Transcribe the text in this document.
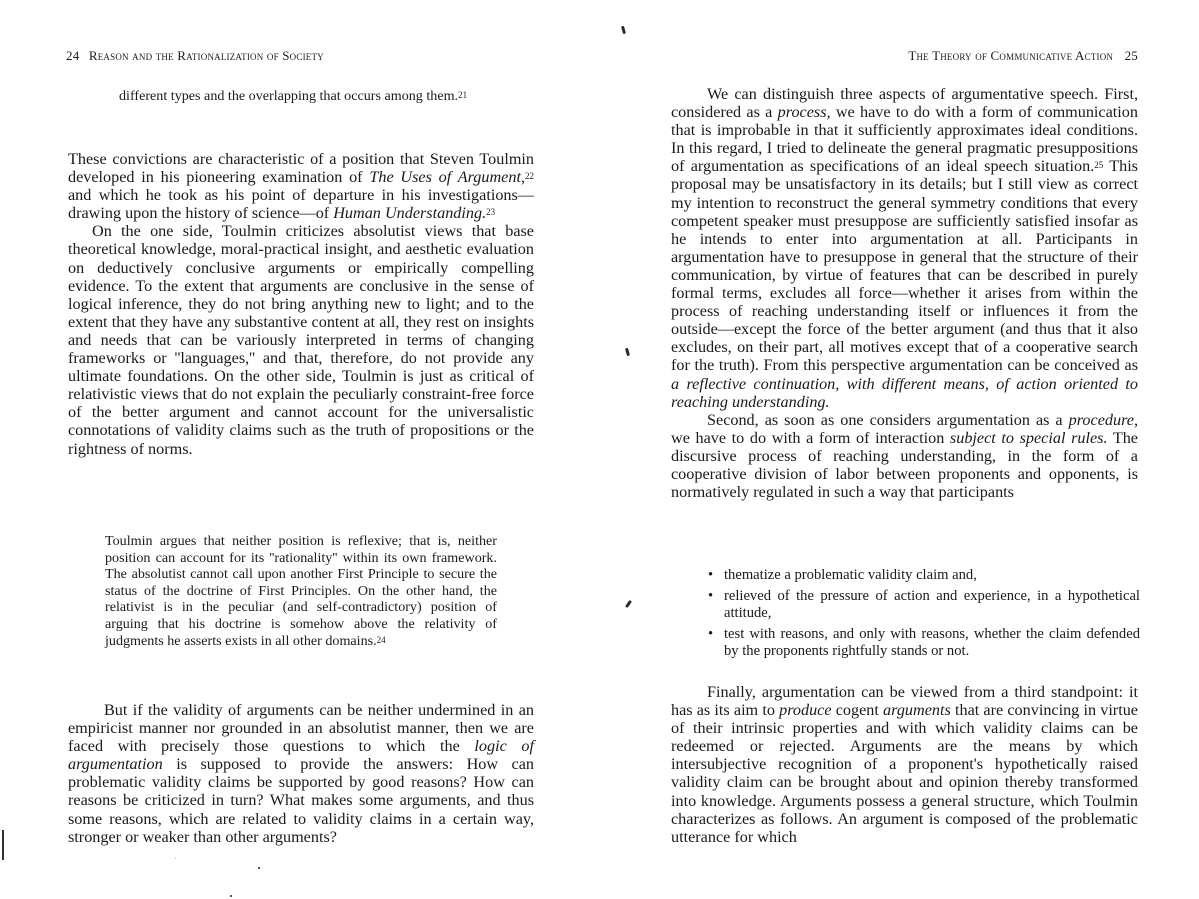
24 Reason and the Rationalization of Society

different types and the overlapping that occurs among them.$^{21}$

These convictions are characteristic of a position that Steven Toulmin developed in his pioneering examination of The Uses of Argument,$^{22}$ and which he took as his point of departure in his investigations—drawing upon the history of science—of Human Understanding.$^{23}$

On the one side, Toulmin criticizes absolutist views that base theoretical knowledge, moral-practical insight, and aesthetic evaluation on deductively conclusive arguments or empirically compelling evidence. To the extent that arguments are conclusive in the sense of logical inference, they do not bring anything new to light; and to the extent that they have any substantive content at all, they rest on insights and needs that can be variously interpreted in terms of changing frameworks or ''languages,'' and that, therefore, do not provide any ultimate foundations. On the other side, Toulmin is just as critical of relativistic views that do not explain the peculiarly constraint-free force of the better argument and cannot account for the universalistic connotations of validity claims such as the truth of propositions or the rightness of norms.

Toulmin argues that neither position is reflexive; that is, neither position can account for its ''rationality'' within its own framework. The absolutist cannot call upon another First Principle to secure the status of the doctrine of First Principles. On the other hand, the relativist is in the peculiar (and self-contradictory) position of arguing that his doctrine is somehow above the relativity of judgments he asserts exists in all other domains.$^{24}$

But if the validity of arguments can be neither undermined in an empiricist manner nor grounded in an absolutist manner, then we are faced with precisely those questions to which the logic of argumentation is supposed to provide the answers: How can problematic validity claims be supported by good reasons? How can reasons be criticized in turn? What makes some arguments, and thus some reasons, which are related to validity claims in a certain way, stronger or weaker than other arguments?

The Theory of Communicative Action 25

We can distinguish three aspects of argumentative speech. First, considered as a process, we have to do with a form of communication that is improbable in that it sufficiently approximates ideal conditions. In this regard, I tried to delineate the general pragmatic presuppositions of argumentation as specifications of an ideal speech situation.$^{25}$ This proposal may be unsatisfactory in its details; but I still view as correct my intention to reconstruct the general symmetry conditions that every competent speaker must presuppose are sufficiently satisfied insofar as he intends to enter into argumentation at all. Participants in argumentation have to presuppose in general that the structure of their communication, by virtue of features that can be described in purely formal terms, excludes all force—whether it arises from within the process of reaching understanding itself or influences it from the outside—except the force of the better argument (and thus that it also excludes, on their part, all motives except that of a cooperative search for the truth). From this perspective argumentation can be conceived as a reflective continuation, with different means, of action oriented to reaching understanding.

Second, as soon as one considers argumentation as a procedure, we have to do with a form of interaction subject to special rules. The discursive process of reaching understanding, in the form of a cooperative division of labor between proponents and opponents, is normatively regulated in such a way that participants

• thematize a problematic validity claim and,
• relieved of the pressure of action and experience, in a hypothetical attitude,
• test with reasons, and only with reasons, whether the claim defended by the proponents rightfully stands or not.

Finally, argumentation can be viewed from a third standpoint: it has as its aim to produce cogent arguments that are convincing in virtue of their intrinsic properties and with which validity claims can be redeemed or rejected. Arguments are the means by which intersubjective recognition of a proponent's hypothetically raised validity claim can be brought about and opinion thereby transformed into knowledge. Arguments possess a general structure, which Toulmin characterizes as follows. An argument is composed of the problematic utterance for which
